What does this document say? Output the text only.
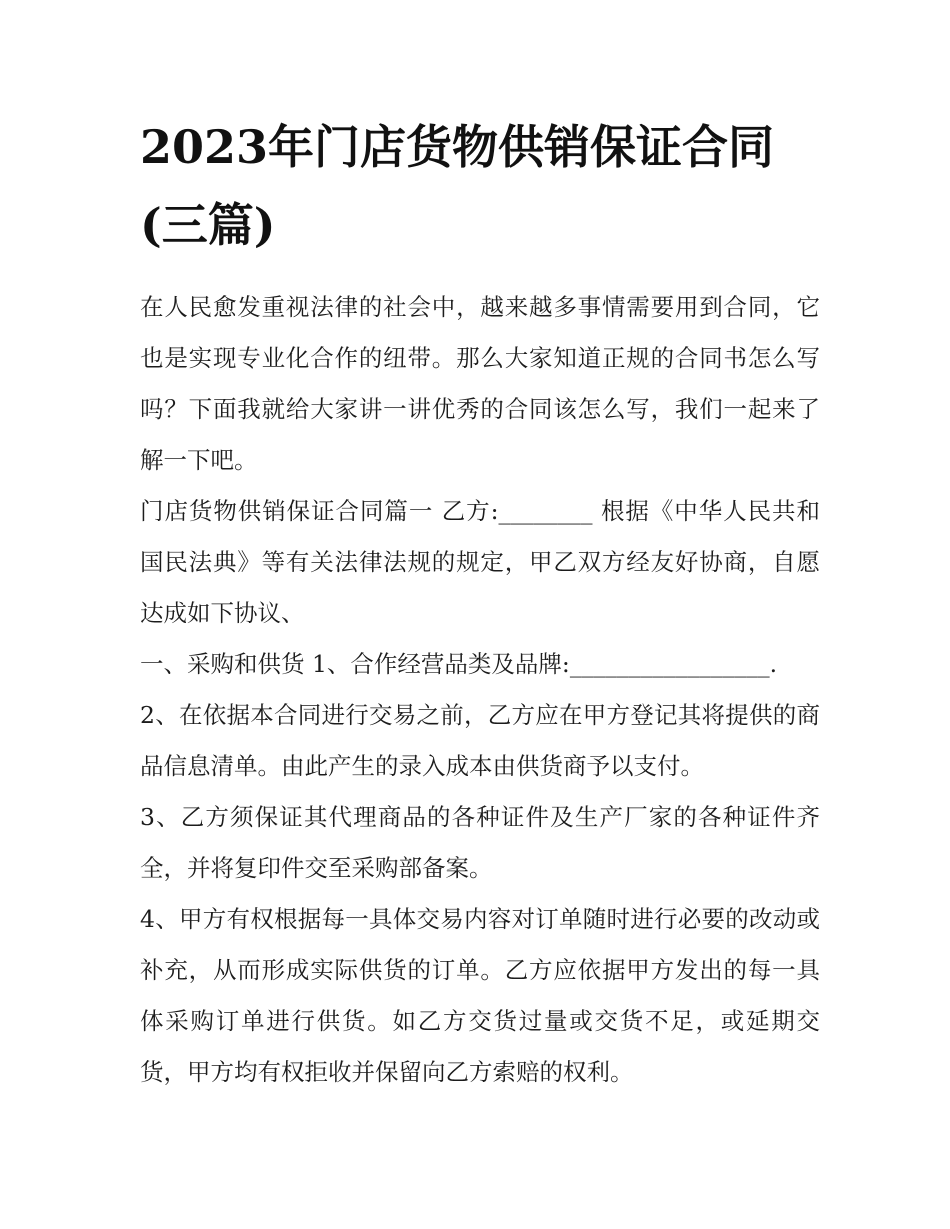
2023年门店货物供销保证合同(三篇)

在人民愈发重视法律的社会中，越来越多事情需要用到合同，它也是实现专业化合作的纽带。那么大家知道正规的合同书怎么写吗？下面我就给大家讲一讲优秀的合同该怎么写，我们一起来了解一下吧。

门店货物供销保证合同篇一 乙方:________ 根据《中华人民共和国民法典》等有关法律法规的规定，甲乙双方经友好协商，自愿达成如下协议、

一、采购和供货 1、合作经营品类及品牌:_________________.

2、在依据本合同进行交易之前，乙方应在甲方登记其将提供的商品信息清单。由此产生的录入成本由供货商予以支付。

3、乙方须保证其代理商品的各种证件及生产厂家的各种证件齐全，并将复印件交至采购部备案。

4、甲方有权根据每一具体交易内容对订单随时进行必要的改动或补充，从而形成实际供货的订单。乙方应依据甲方发出的每一具体采购订单进行供货。如乙方交货过量或交货不足，或延期交货，甲方均有权拒收并保留向乙方索赔的权利。
